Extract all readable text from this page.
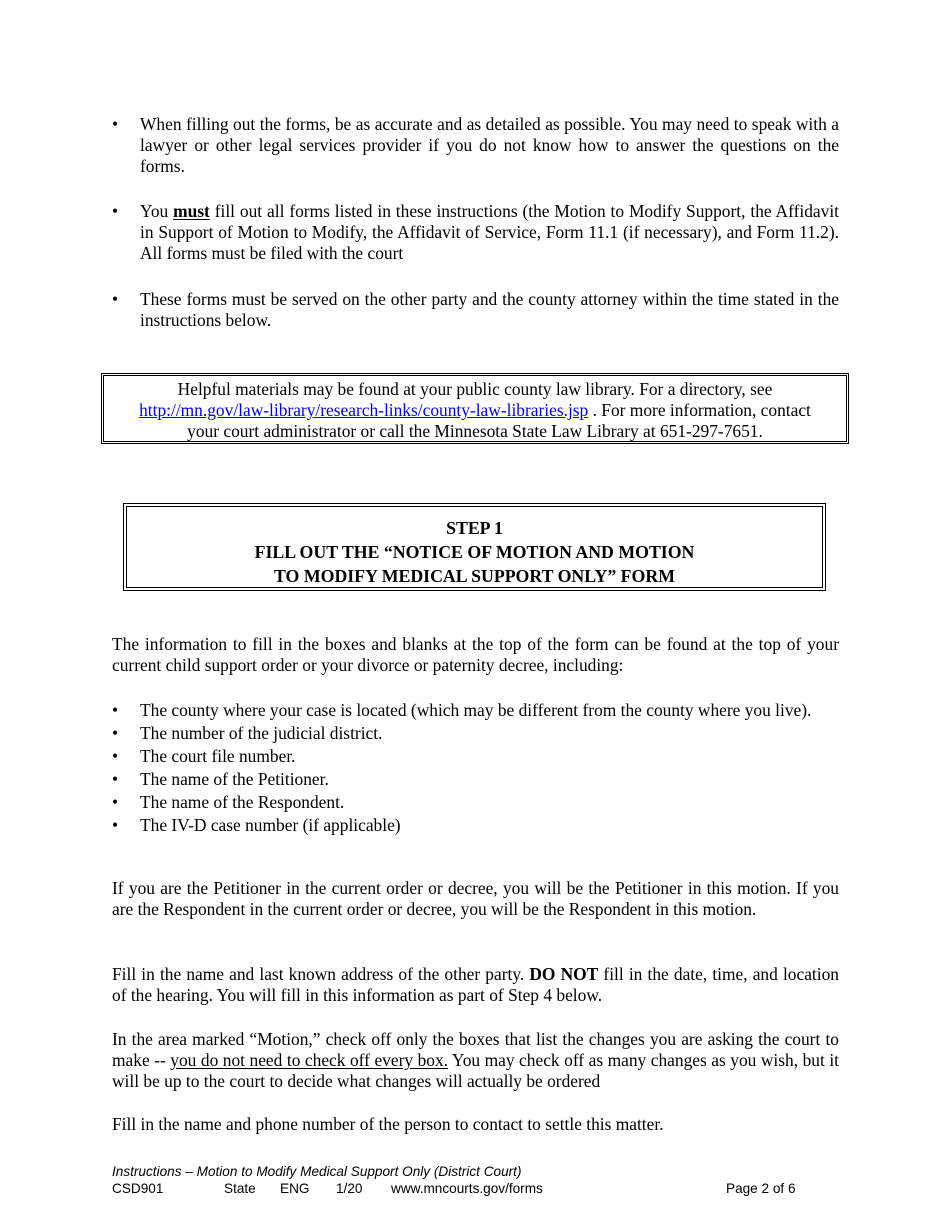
• When filling out the forms, be as accurate and as detailed as possible. You may need to speak with a lawyer or other legal services provider if you do not know how to answer the questions on the forms.
• You must fill out all forms listed in these instructions (the Motion to Modify Support, the Affidavit in Support of Motion to Modify, the Affidavit of Service, Form 11.1 (if necessary), and Form 11.2). All forms must be filed with the court
• These forms must be served on the other party and the county attorney within the time stated in the instructions below.
Helpful materials may be found at your public county law library. For a directory, see
http://mn.gov/law-library/research-links/county-law-libraries.jsp . For more information, contact
your court administrator or call the Minnesota State Law Library at 651-297-7651.
STEP 1
FILL OUT THE “NOTICE OF MOTION AND MOTION
TO MODIFY MEDICAL SUPPORT ONLY” FORM

The information to fill in the boxes and blanks at the top of the form can be found at the top of your current child support order or your divorce or paternity decree, including:

• The county where your case is located (which may be different from the county where you live).
• The number of the judicial district.
• The court file number.
• The name of the Petitioner.
• The name of the Respondent.
• The IV-D case number (if applicable)

If you are the Petitioner in the current order or decree, you will be the Petitioner in this motion. If you are the Respondent in the current order or decree, you will be the Respondent in this motion.

Fill in the name and last known address of the other party. DO NOT fill in the date, time, and location of the hearing. You will fill in this information as part of Step 4 below.

In the area marked “Motion,” check off only the boxes that list the changes you are asking the court to make -- you do not need to check off every box. You may check off as many changes as you wish, but it will be up to the court to decide what changes will actually be ordered

Fill in the name and phone number of the person to contact to settle this matter.

Instructions – Motion to Modify Medical Support Only (District Court)
CSD901	State ENG 1/20 www.mncourts.gov/forms	Page 2 of 6
